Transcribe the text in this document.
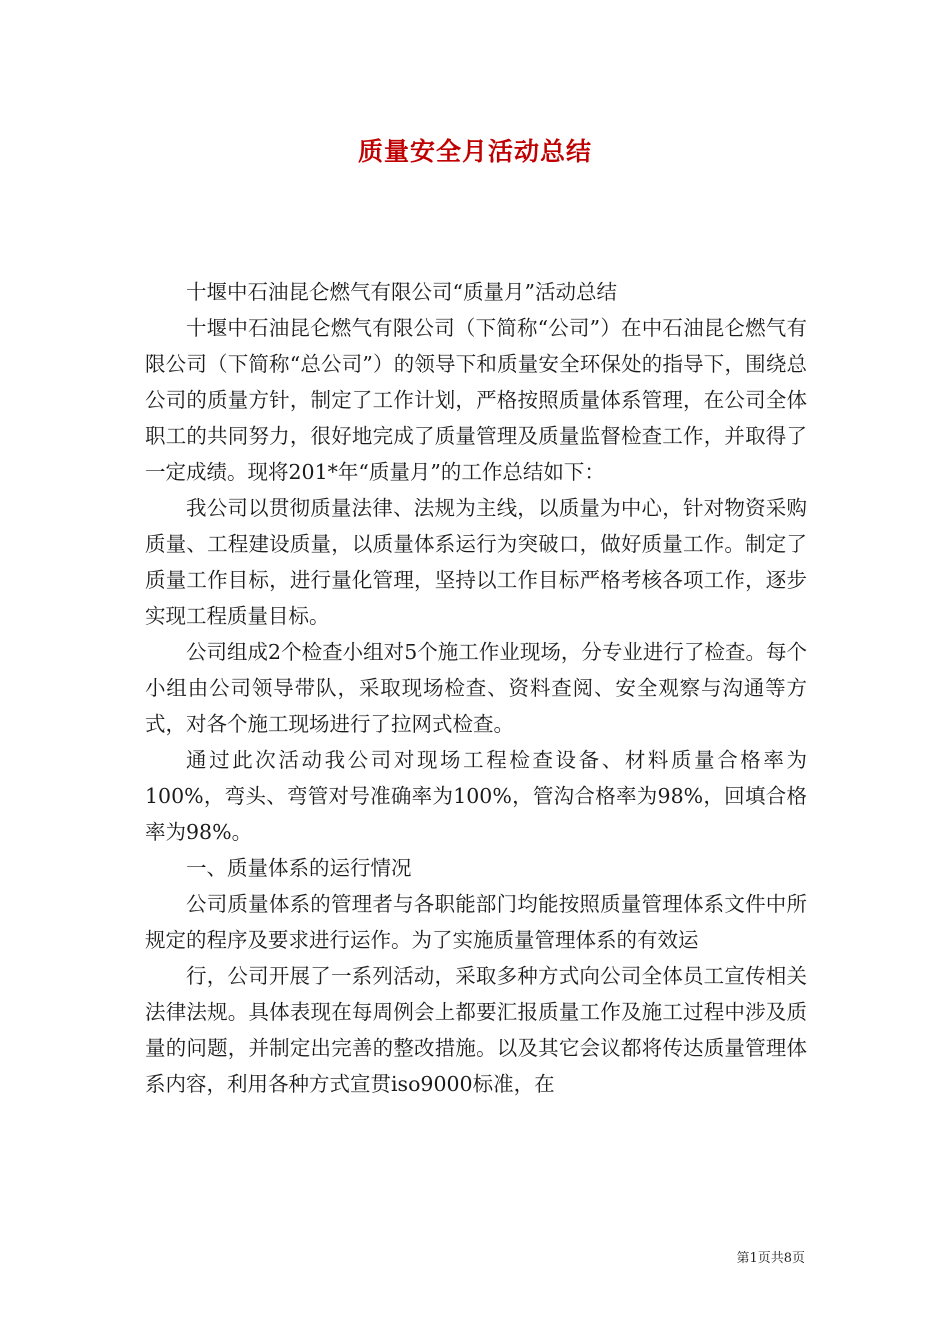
质量安全月活动总结

十堰中石油昆仑燃气有限公司“质量月”活动总结

十堰中石油昆仑燃气有限公司（下简称“公司”）在中石油昆仑燃气有限公司（下简称“总公司”）的领导下和质量安全环保处的指导下，围绕总公司的质量方针，制定了工作计划，严格按照质量体系管理，在公司全体职工的共同努力，很好地完成了质量管理及质量监督检查工作，并取得了一定成绩。现将201*年“质量月”的工作总结如下：

我公司以贯彻质量法律、法规为主线，以质量为中心，针对物资采购质量、工程建设质量，以质量体系运行为突破口，做好质量工作。制定了质量工作目标，进行量化管理，坚持以工作目标严格考核各项工作，逐步实现工程质量目标。

公司组成2个检查小组对5个施工作业现场，分专业进行了检查。每个小组由公司领导带队，采取现场检查、资料查阅、安全观察与沟通等方式，对各个施工现场进行了拉网式检查。

通过此次活动我公司对现场工程检查设备、材料质量合格率为100%，弯头、弯管对号准确率为100%，管沟合格率为98%，回填合格率为98%。

一、质量体系的运行情况

公司质量体系的管理者与各职能部门均能按照质量管理体系文件中所规定的程序及要求进行运作。为了实施质量管理体系的有效运

行，公司开展了一系列活动，采取多种方式向公司全体员工宣传相关法律法规。具体表现在每周例会上都要汇报质量工作及施工过程中涉及质量的问题，并制定出完善的整改措施。以及其它会议都将传达质量管理体系内容，利用各种方式宣贯iso9000标准，在

第1页共8页
